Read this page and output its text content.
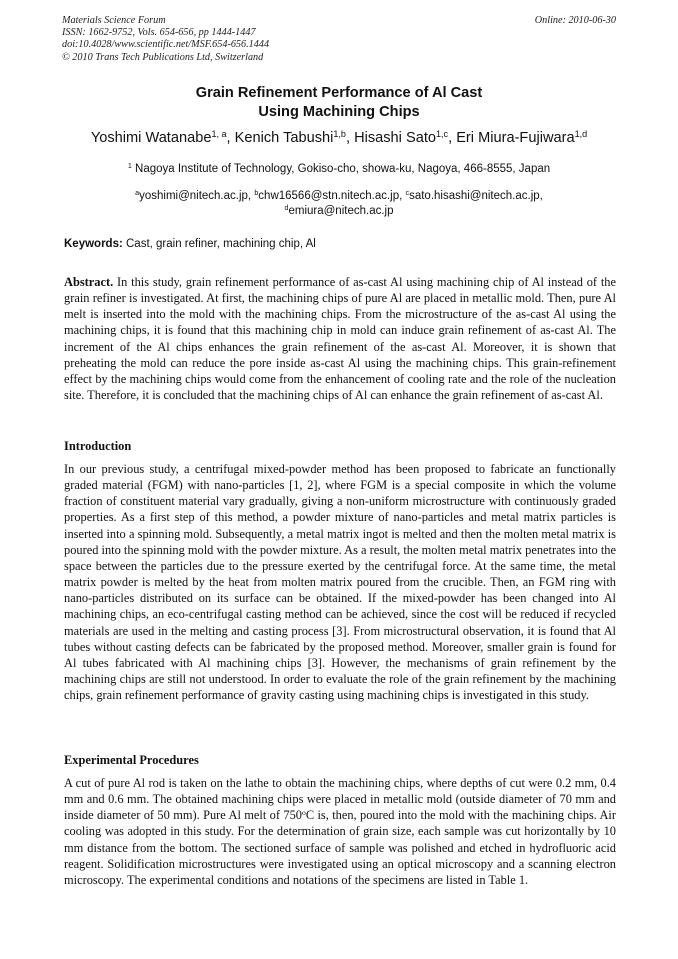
Materials Science Forum
ISSN: 1662-9752, Vols. 654-656, pp 1444-1447
doi:10.4028/www.scientific.net/MSF.654-656.1444
© 2010 Trans Tech Publications Ltd, Switzerland
Online: 2010-06-30
Grain Refinement Performance of Al Cast
Using Machining Chips
Yoshimi Watanabe$^{1, a}$, Kenich Tabushi$^{1,b}$, Hisashi Sato$^{1,c}$, Eri Miura-Fujiwara$^{1,d}$
$^1$ Nagoya Institute of Technology, Gokiso-cho, showa-ku, Nagoya, 466-8555, Japan
$^a$yoshimi@nitech.ac.jp, $^b$chw16566@stn.nitech.ac.jp, $^c$sato.hisashi@nitech.ac.jp,
$^d$emiura@nitech.ac.jp
Keywords: Cast, grain refiner, machining chip, Al
Abstract. In this study, grain refinement performance of as-cast Al using machining chip of Al instead of the grain refiner is investigated. At first, the machining chips of pure Al are placed in metallic mold. Then, pure Al melt is inserted into the mold with the machining chips. From the microstructure of the as-cast Al using the machining chips, it is found that this machining chip in mold can induce grain refinement of as-cast Al. The increment of the Al chips enhances the grain refinement of the as-cast Al. Moreover, it is shown that preheating the mold can reduce the pore inside as-cast Al using the machining chips. This grain-refinement effect by the machining chips would come from the enhancement of cooling rate and the role of the nucleation site. Therefore, it is concluded that the machining chips of Al can enhance the grain refinement of as-cast Al.
Introduction
In our previous study, a centrifugal mixed-powder method has been proposed to fabricate an functionally graded material (FGM) with nano-particles [1, 2], where FGM is a special composite in which the volume fraction of constituent material vary gradually, giving a non-uniform microstructure with continuously graded properties. As a first step of this method, a powder mixture of nano-particles and metal matrix particles is inserted into a spinning mold. Subsequently, a metal matrix ingot is melted and then the molten metal matrix is poured into the spinning mold with the powder mixture. As a result, the molten metal matrix penetrates into the space between the particles due to the pressure exerted by the centrifugal force. At the same time, the metal matrix powder is melted by the heat from molten matrix poured from the crucible. Then, an FGM ring with nano-particles distributed on its surface can be obtained. If the mixed-powder has been changed into Al machining chips, an eco-centrifugal casting method can be achieved, since the cost will be reduced if recycled materials are used in the melting and casting process [3]. From microstructural observation, it is found that Al tubes without casting defects can be fabricated by the proposed method. Moreover, smaller grain is found for Al tubes fabricated with Al machining chips [3]. However, the mechanisms of grain refinement by the machining chips are still not understood. In order to evaluate the role of the grain refinement by the machining chips, grain refinement performance of gravity casting using machining chips is investigated in this study.
Experimental Procedures
A cut of pure Al rod is taken on the lathe to obtain the machining chips, where depths of cut were 0.2 mm, 0.4 mm and 0.6 mm. The obtained machining chips were placed in metallic mold (outside diameter of 70 mm and inside diameter of 50 mm). Pure Al melt of 750$^o$C is, then, poured into the mold with the machining chips. Air cooling was adopted in this study. For the determination of grain size, each sample was cut horizontally by 10 mm distance from the bottom. The sectioned surface of sample was polished and etched in hydrofluoric acid reagent. Solidification microstructures were investigated using an optical microscopy and a scanning electron microscopy. The experimental conditions and notations of the specimens are listed in Table 1.
